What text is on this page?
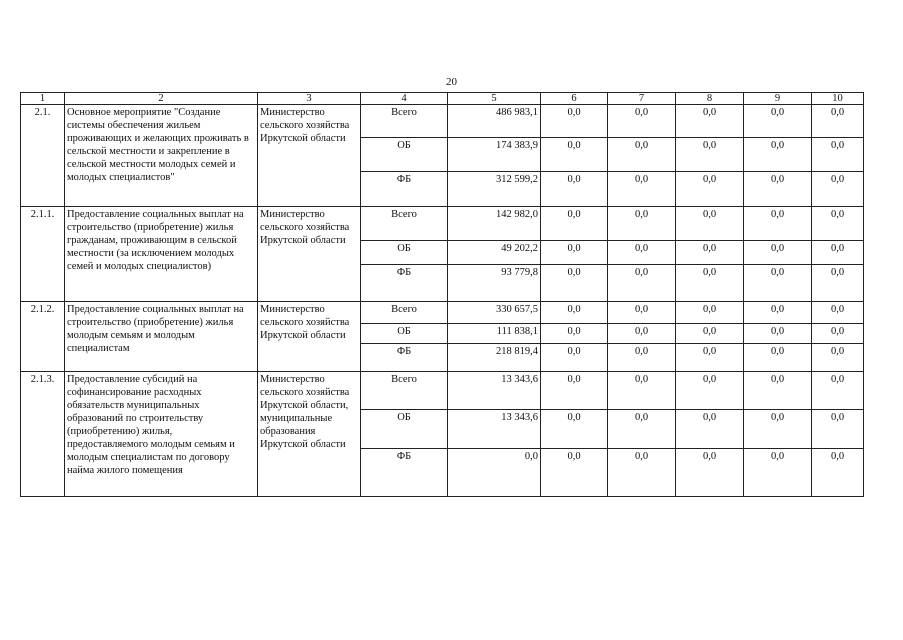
20
1	2	3	4	5	6	7	8	9	10
2.1.	Основное мероприятие "Создание системы обеспечения жильем проживающих и желающих проживать в сельской местности и закрепление в сельской местности молодых семей и молодых специалистов"	Министерство сельского хозяйства Иркутской области	Всего	486 983,1	0,0	0,0	0,0	0,0	0,0
			ОБ	174 383,9	0,0	0,0	0,0	0,0	0,0
			ФБ	312 599,2	0,0	0,0	0,0	0,0	0,0
2.1.1.	Предоставление социальных выплат на строительство (приобретение) жилья гражданам, проживающим в сельской местности (за исключением молодых семей и молодых специалистов)	Министерство сельского хозяйства Иркутской области	Всего	142 982,0	0,0	0,0	0,0	0,0	0,0
			ОБ	49 202,2	0,0	0,0	0,0	0,0	0,0
			ФБ	93 779,8	0,0	0,0	0,0	0,0	0,0
2.1.2.	Предоставление социальных выплат на строительство (приобретение) жилья молодым семьям и молодым специалистам	Министерство сельского хозяйства Иркутской области	Всего	330 657,5	0,0	0,0	0,0	0,0	0,0
			ОБ	111 838,1	0,0	0,0	0,0	0,0	0,0
			ФБ	218 819,4	0,0	0,0	0,0	0,0	0,0
2.1.3.	Предоставление субсидий на софинансирование расходных обязательств муниципальных образований по строительству (приобретению) жилья, предоставляемого молодым семьям и молодым специалистам по договору найма жилого помещения	Министерство сельского хозяйства Иркутской области, муниципальные образования Иркутской области	Всего	13 343,6	0,0	0,0	0,0	0,0	0,0
			ОБ	13 343,6	0,0	0,0	0,0	0,0	0,0
			ФБ	0,0	0,0	0,0	0,0	0,0	0,0
